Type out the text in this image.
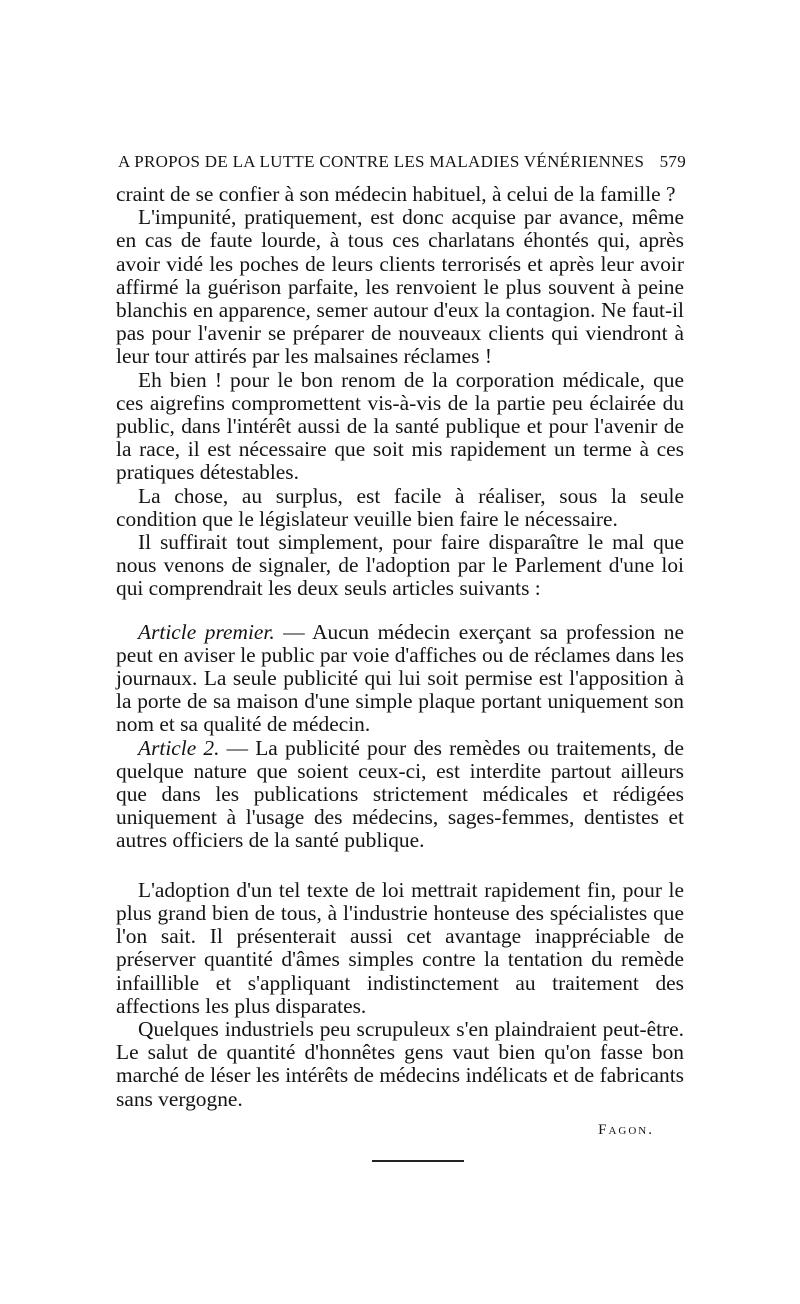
A PROPOS DE LA LUTTE CONTRE LES MALADIES VÉNÉRIENNES 579

craint de se confier à son médecin habituel, à celui de la famille ?

L'impunité, pratiquement, est donc acquise par avance, même en cas de faute lourde, à tous ces charlatans éhontés qui, après avoir vidé les poches de leurs clients terrorisés et après leur avoir affirmé la guérison parfaite, les renvoient le plus souvent à peine blanchis en apparence, semer autour d'eux la contagion. Ne faut-il pas pour l'avenir se préparer de nouveaux clients qui viendront à leur tour attirés par les malsaines réclames !

Eh bien ! pour le bon renom de la corporation médicale, que ces aigrefins compromettent vis-à-vis de la partie peu éclairée du public, dans l'intérêt aussi de la santé publique et pour l'avenir de la race, il est nécessaire que soit mis rapidement un terme à ces pratiques détestables.

La chose, au surplus, est facile à réaliser, sous la seule condition que le législateur veuille bien faire le nécessaire.

Il suffirait tout simplement, pour faire disparaître le mal que nous venons de signaler, de l'adoption par le Parlement d'une loi qui comprendrait les deux seuls articles suivants :

Article premier. — Aucun médecin exerçant sa profession ne peut en aviser le public par voie d'affiches ou de réclames dans les journaux. La seule publicité qui lui soit permise est l'apposition à la porte de sa maison d'une simple plaque portant uniquement son nom et sa qualité de médecin.

Article 2. — La publicité pour des remèdes ou traitements, de quelque nature que soient ceux-ci, est interdite partout ailleurs que dans les publications strictement médicales et rédigées uniquement à l'usage des médecins, sages-femmes, dentistes et autres officiers de la santé publique.

L'adoption d'un tel texte de loi mettrait rapidement fin, pour le plus grand bien de tous, à l'industrie honteuse des spécialistes que l'on sait. Il présenterait aussi cet avantage inappréciable de préserver quantité d'âmes simples contre la tentation du remède infaillible et s'appliquant indistinctement au traitement des affections les plus disparates.

Quelques industriels peu scrupuleux s'en plaindraient peut-être. Le salut de quantité d'honnêtes gens vaut bien qu'on fasse bon marché de léser les intérêts de médecins indélicats et de fabricants sans vergogne.

Fagon.
